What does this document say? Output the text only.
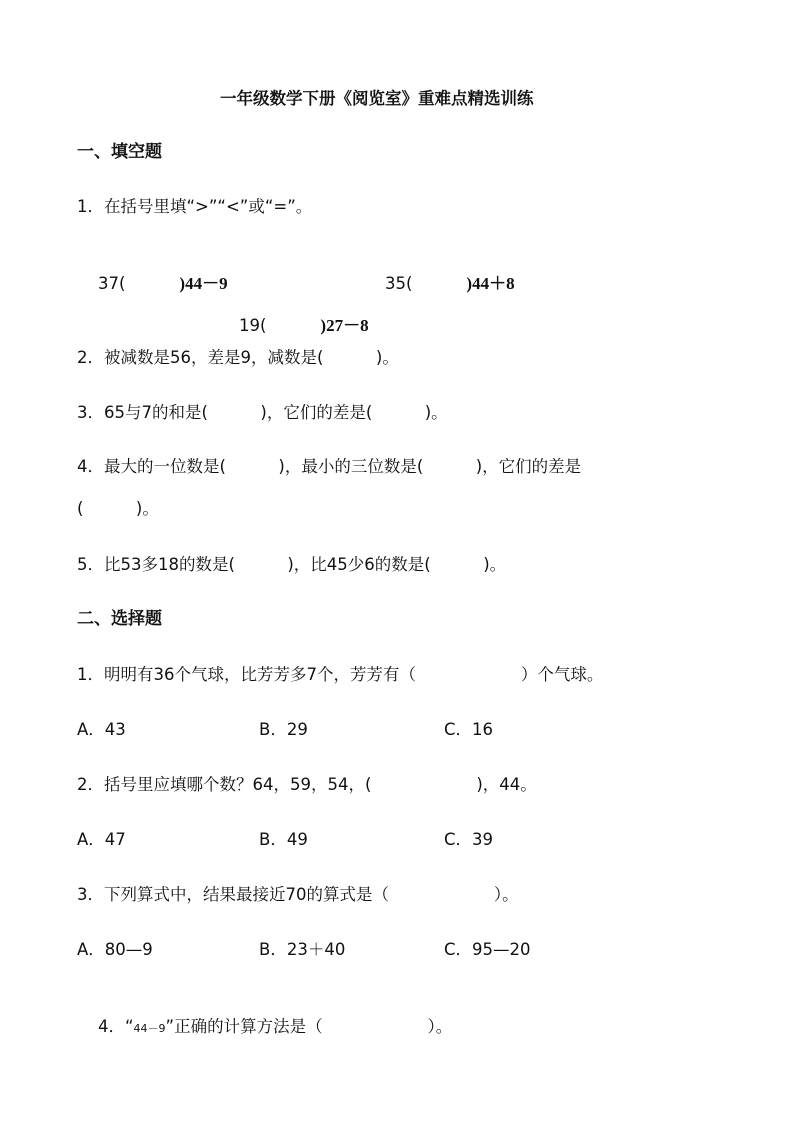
一年级数学下册《阅览室》重难点精选训练
一、填空题
1．在括号里填“>”“<”或“=”。

37(	)44－9
	35(	)44＋8

19(	)27－8

2．被减数是56，差是9，减数是(          )。
3．65与7的和是(          )，它们的差是(          )。
4．最大的一位数是(          )，最小的三位数是(          )，它们的差是
(          )。
5．比53多18的数是(          )，比45少6的数是(          )。
二、选择题
1．明明有36个气球，比芳芳多7个，芳芳有（                    ）个气球。
A．43	B．29	C．16
2．括号里应填哪个数？64，59，54，(                    )，44。
A．47	B．49	C．39
3．下列算式中，结果最接近70的算式是（                    ）。
A．80—9	B．23＋40	C．95—20

4．“44－9”正确的计算方法是（                    ）。
